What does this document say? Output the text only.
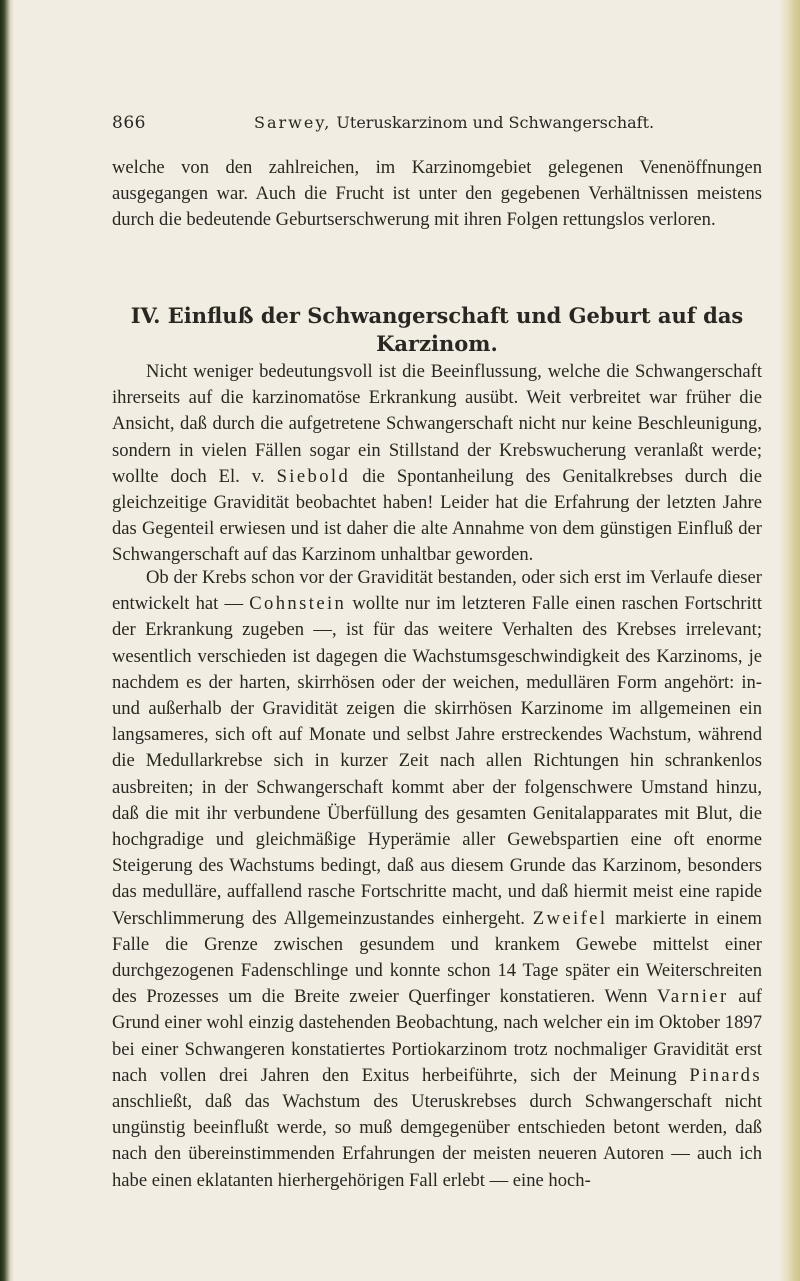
866	Sarwey, Uteruskarzinom und Schwangerschaft.
welche von den zahlreichen, im Karzinomgebiet gelegenen Venenöffnungen ausgegangen war. Auch die Frucht ist unter den gegebenen Verhältnissen meistens durch die bedeutende Geburtserschwerung mit ihren Folgen rettungslos verloren.
IV. Einfluß der Schwangerschaft und Geburt auf das
Karzinom.
Nicht weniger bedeutungsvoll ist die Beeinflussung, welche die Schwangerschaft ihrerseits auf die karzinomatöse Erkrankung ausübt. Weit verbreitet war früher die Ansicht, daß durch die aufgetretene Schwangerschaft nicht nur keine Beschleunigung, sondern in vielen Fällen sogar ein Stillstand der Krebswucherung veranlaßt werde; wollte doch El. v. Siebold die Spontanheilung des Genitalkrebses durch die gleichzeitige Gravidität beobachtet haben! Leider hat die Erfahrung der letzten Jahre das Gegenteil erwiesen und ist daher die alte Annahme von dem günstigen Einfluß der Schwangerschaft auf das Karzinom unhaltbar geworden.
Ob der Krebs schon vor der Gravidität bestanden, oder sich erst im Verlaufe dieser entwickelt hat — Cohnstein wollte nur im letzteren Falle einen raschen Fortschritt der Erkrankung zugeben —, ist für das weitere Verhalten des Krebses irrelevant; wesentlich verschieden ist dagegen die Wachstumsgeschwindigkeit des Karzinoms, je nachdem es der harten, skirrhösen oder der weichen, medullären Form angehört: in- und außerhalb der Gravidität zeigen die skirrhösen Karzinome im allgemeinen ein langsameres, sich oft auf Monate und selbst Jahre erstreckendes Wachstum, während die Medullarkrebse sich in kurzer Zeit nach allen Richtungen hin schrankenlos ausbreiten; in der Schwangerschaft kommt aber der folgenschwere Umstand hinzu, daß die mit ihr verbundene Überfüllung des gesamten Genitalapparates mit Blut, die hochgradige und gleichmäßige Hyperämie aller Gewebspartien eine oft enorme Steigerung des Wachstums bedingt, daß aus diesem Grunde das Karzinom, besonders das medulläre, auffallend rasche Fortschritte macht, und daß hiermit meist eine rapide Verschlimmerung des Allgemeinzustandes einhergeht. Zweifel markierte in einem Falle die Grenze zwischen gesundem und krankem Gewebe mittelst einer durchgezogenen Fadenschlinge und konnte schon 14 Tage später ein Weiterschreiten des Prozesses um die Breite zweier Querfinger konstatieren. Wenn Varnier auf Grund einer wohl einzig dastehenden Beobachtung, nach welcher ein im Oktober 1897 bei einer Schwangeren konstatiertes Portiokarzinom trotz nochmaliger Gravidität erst nach vollen drei Jahren den Exitus herbeiführte, sich der Meinung Pinards anschließt, daß das Wachstum des Uteruskrebses durch Schwangerschaft nicht ungünstig beeinflußt werde, so muß demgegenüber entschieden betont werden, daß nach den übereinstimmenden Erfahrungen der meisten neueren Autoren — auch ich habe einen eklatanten hierhergehörigen Fall erlebt — eine hoch-
